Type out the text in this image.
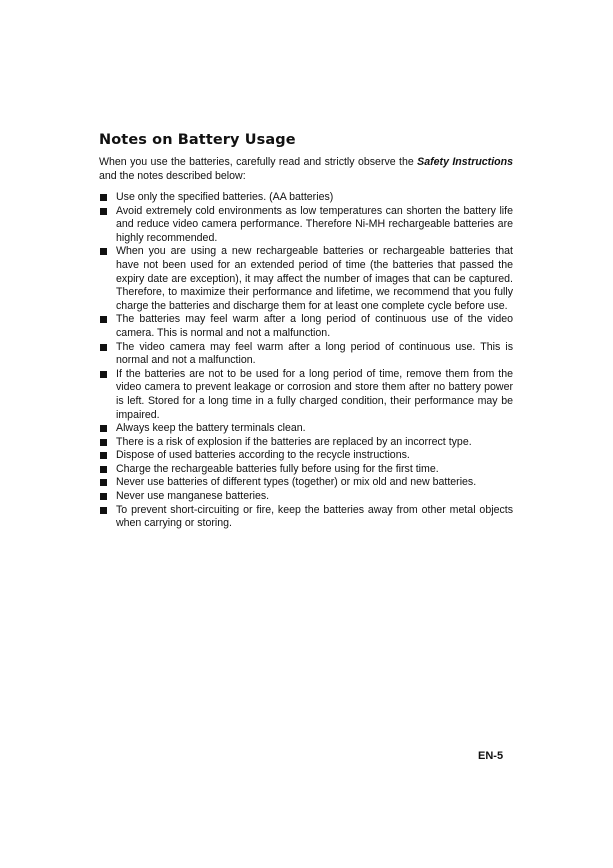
Notes on Battery Usage

When you use the batteries, carefully read and strictly observe the Safety Instructions and the notes described below:

Use only the specified batteries. (AA batteries)
Avoid extremely cold environments as low temperatures can shorten the battery life and reduce video camera performance. Therefore Ni-MH rechargeable batteries are highly recommended.
When you are using a new rechargeable batteries or rechargeable batteries that have not been used for an extended period of time (the batteries that passed the expiry date are exception), it may affect the number of images that can be captured. Therefore, to maximize their performance and lifetime, we recommend that you fully charge the batteries and discharge them for at least one complete cycle before use.
The batteries may feel warm after a long period of continuous use of the video camera. This is normal and not a malfunction.
The video camera may feel warm after a long period of continuous use. This is normal and not a malfunction.
If the batteries are not to be used for a long period of time, remove them from the video camera to prevent leakage or corrosion and store them after no battery power is left. Stored for a long time in a fully charged condition, their performance may be impaired.
Always keep the battery terminals clean.
There is a risk of explosion if the batteries are replaced by an incorrect type.
Dispose of used batteries according to the recycle instructions.
Charge the rechargeable batteries fully before using for the first time.
Never use batteries of different types (together) or mix old and new batteries.
Never use manganese batteries.
To prevent short-circuiting or fire, keep the batteries away from other metal objects when carrying or storing.
EN-5
